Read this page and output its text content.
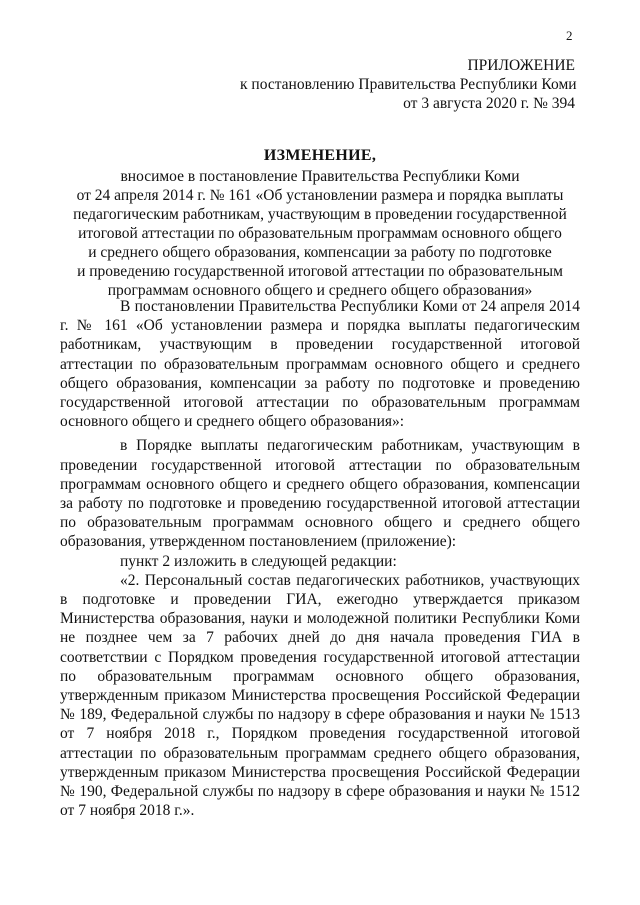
2
ПРИЛОЖЕНИЕ
к постановлению Правительства Республики Коми
от 3 августа 2020 г. № 394
ИЗМЕНЕНИЕ,
вносимое в постановление Правительства Республики Коми
от 24 апреля 2014 г. № 161 «Об установлении размера и порядка выплаты
педагогическим работникам, участвующим в проведении государственной
итоговой аттестации по образовательным программам основного общего
и среднего общего образования, компенсации за работу по подготовке
и проведению государственной итоговой аттестации по образовательным
программам основного общего и среднего общего образования»

В постановлении Правительства Республики Коми от 24 апреля 2014 г. № 161 «Об установлении размера и порядка выплаты педагогическим работникам, участвующим в проведении государственной итоговой аттестации по образовательным программам основного общего и среднего общего образования, компенсации за работу по подготовке и проведению государственной итоговой аттестации по образовательным программам основного общего и среднего общего образования»:

в Порядке выплаты педагогическим работникам, участвующим в проведении государственной итоговой аттестации по образовательным программам основного общего и среднего общего образования, компенсации за работу по подготовке и проведению государственной итоговой аттестации по образовательным программам основного общего и среднего общего образования, утвержденном постановлением (приложение):

пункт 2 изложить в следующей редакции:

«2. Персональный состав педагогических работников, участвующих в подготовке и проведении ГИА, ежегодно утверждается приказом Министерства образования, науки и молодежной политики Республики Коми не позднее чем за 7 рабочих дней до дня начала проведения ГИА в соответствии с Порядком проведения государственной итоговой аттестации по образовательным программам основного общего образования, утвержденным приказом Министерства просвещения Российской Федерации № 189, Федеральной службы по надзору в сфере образования и науки № 1513 от 7 ноября 2018 г., Порядком проведения государственной итоговой аттестации по образовательным программам среднего общего образования, утвержденным приказом Министерства просвещения Российской Федерации № 190, Федеральной службы по надзору в сфере образования и науки № 1512 от 7 ноября 2018 г.».
